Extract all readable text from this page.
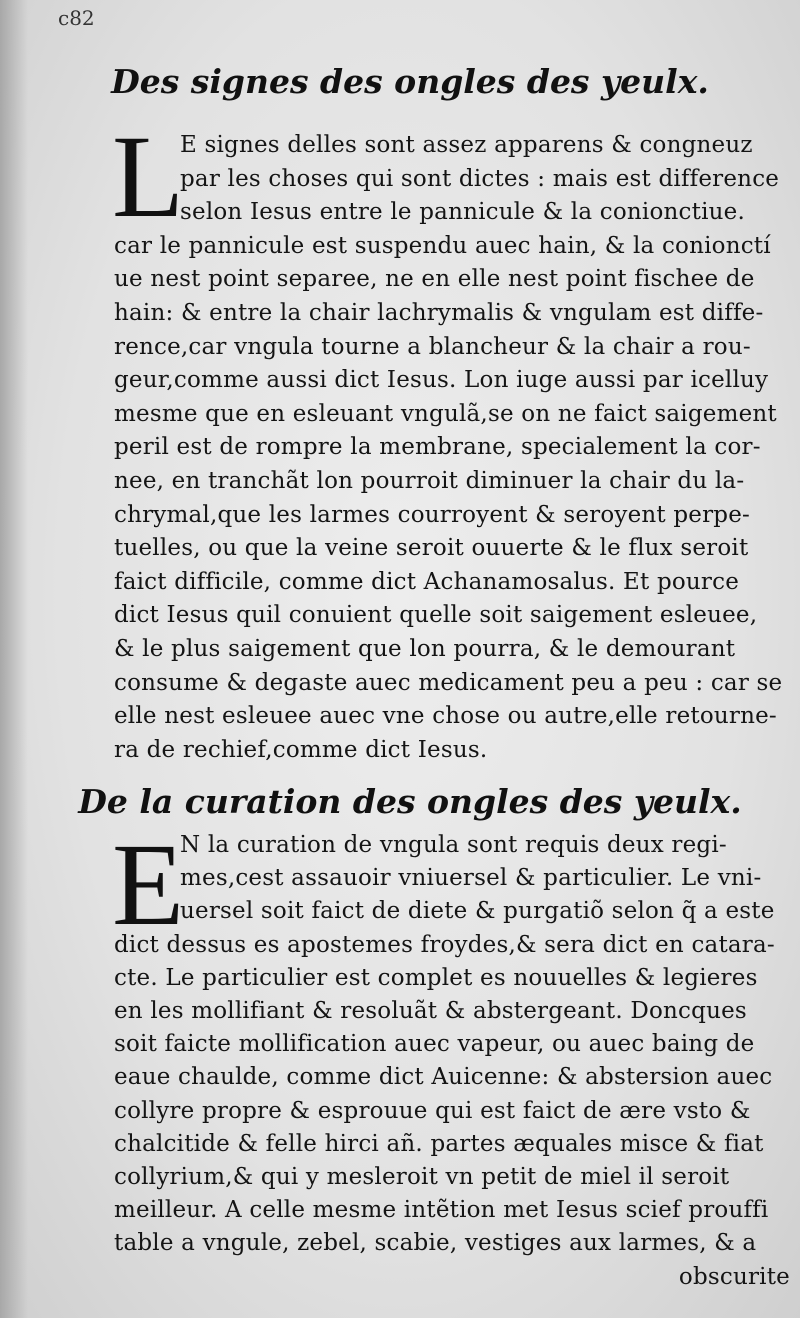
c82
Des signes des ongles des yeulx.
L
E signes delles sont assez apparens & congneuz
par les choses qui sont dictes : mais est difference
selon Iesus entre le pannicule & la conionctiue.
car le pannicule est suspendu auec hain, & la conionctí
ue nest point separee, ne en elle nest point fischee de
hain: & entre la chair lachrymalis & vngulam est diffe-
rence,car vngula tourne a blancheur & la chair a rou-
geur,comme aussi dict Iesus. Lon iuge aussi par icelluy
mesme que en esleuant vngulã,se on ne faict saigement
peril est de rompre la membrane, specialement la cor-
nee, en tranchãt lon pourroit diminuer la chair du la-
chrymal,que les larmes courroyent & seroyent perpe-
tuelles, ou que la veine seroit ouuerte & le flux seroit
faict difficile, comme dict Achanamosalus. Et pource
dict Iesus quil conuient quelle soit saigement esleuee,
& le plus saigement que lon pourra, & le demourant
consume & degaste auec medicament peu a peu : car se
elle nest esleuee auec vne chose ou autre,elle retourne-
ra de rechief,comme dict Iesus.
De la curation des ongles des yeulx.
E
N la curation de vngula sont requis deux regi-
mes,cest assauoir vniuersel & particulier. Le vni-
uersel soit faict de diete & purgatiõ selon q̃ a este
dict dessus es apostemes froydes,& sera dict en catara-
cte. Le particulier est complet es nouuelles & legieres
en les mollifiant & resoluãt & abstergeant. Doncques
soit faicte mollification auec vapeur, ou auec baing de
eaue chaulde, comme dict Auicenne: & abstersion auec
collyre propre & esprouue qui est faict de ære vsto &
chalcitide & felle hirci añ. partes æquales misce & fiat
collyrium,& qui y mesleroit vn petit de miel il seroit
meilleur. A celle mesme intẽtion met Iesus scief prouffi
table a vngule, zebel, scabie, vestiges aux larmes, & a
obscurite
